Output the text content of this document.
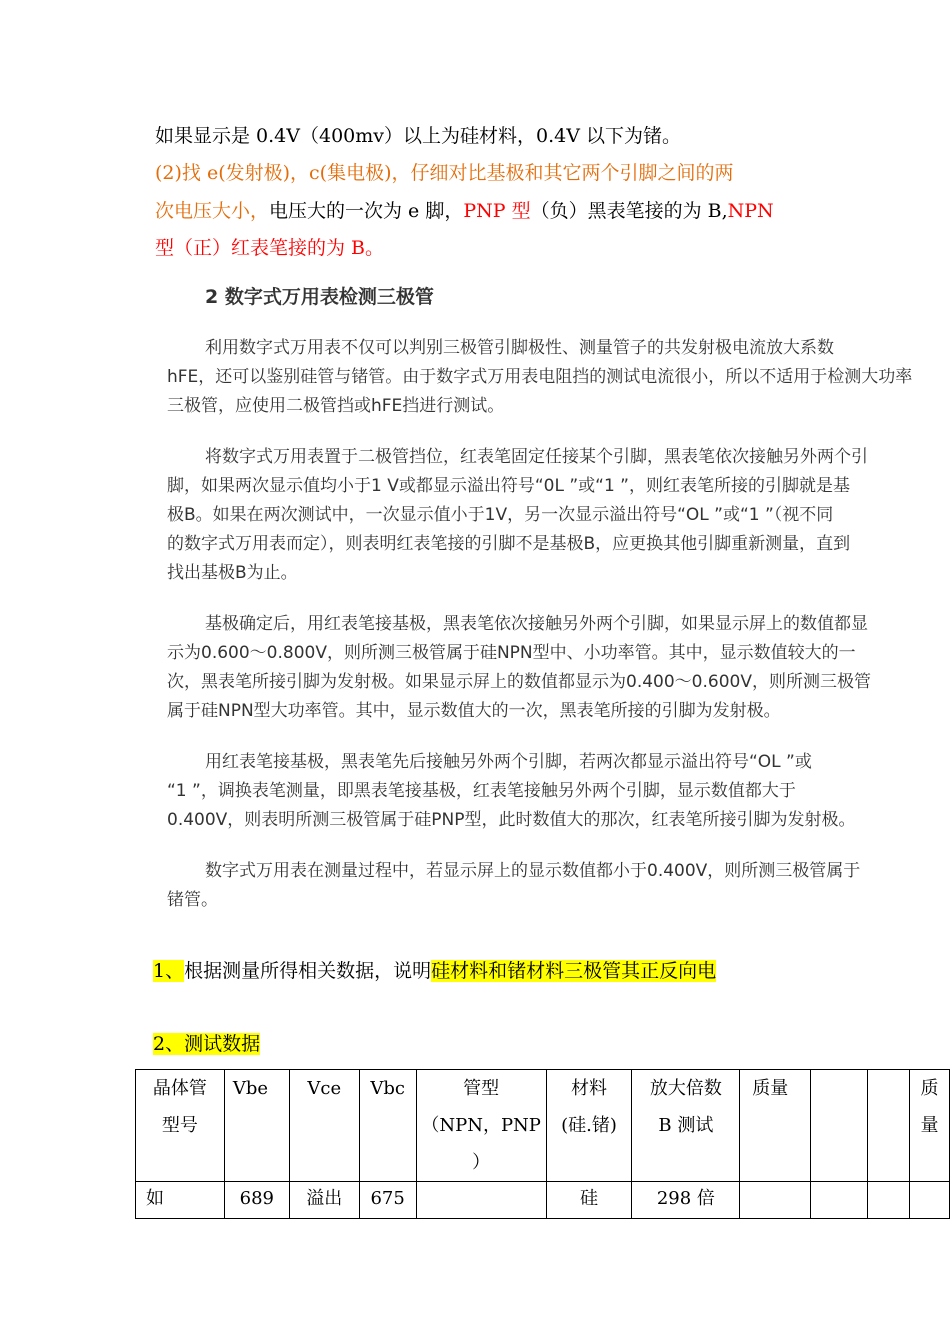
如果显示是 0.4V（400mv）以上为硅材料，0.4V 以下为锗。
(2)找 e(发射极)，c(集电极)，仔细对比基极和其它两个引脚之间的两
次电压大小，电压大的一次为 e 脚，PNP 型（负）黑表笔接的为 B,NPN
型（正）红表笔接的为 B。
2 数字式万用表检测三极管
利用数字式万用表不仅可以判别三极管引脚极性、测量管子的共发射极电流放大系数
hFE，还可以鉴别硅管与锗管。由于数字式万用表电阻挡的测试电流很小，所以不适用于检测大功率
三极管，应使用二极管挡或hFE挡进行测试。
将数字式万用表置于二极管挡位，红表笔固定任接某个引脚，黑表笔依次接触另外两个引
脚，如果两次显示值均小于1 V或都显示溢出符号“0L ”或“1 ”，则红表笔所接的引脚就是基
极B。如果在两次测试中，一次显示值小于1V，另一次显示溢出符号“OL ”或“1 ”（视不同
的数字式万用表而定），则表明红表笔接的引脚不是基极B，应更换其他引脚重新测量，直到
找出基极B为止。
基极确定后，用红表笔接基极，黑表笔依次接触另外两个引脚，如果显示屏上的数值都显
示为0.600～0.800V，则所测三极管属于硅NPN型中、小功率管。其中，显示数值较大的一
次，黑表笔所接引脚为发射极。如果显示屏上的数值都显示为0.400～0.600V，则所测三极管
属于硅NPN型大功率管。其中，显示数值大的一次，黑表笔所接的引脚为发射极。
用红表笔接基极，黑表笔先后接触另外两个引脚，若两次都显示溢出符号“OL ”或
“1 ”，调换表笔测量，即黑表笔接基极，红表笔接触另外两个引脚，显示数值都大于
0.400V，则表明所测三极管属于硅PNP型，此时数值大的那次，红表笔所接引脚为发射极。
数字式万用表在测量过程中，若显示屏上的显示数值都小于0.400V，则所测三极管属于
锗管。
1、根据测量所得相关数据，说明硅材料和锗材料三极管其正反向电
2、测试数据
晶体管
型号	Vbe	Vce	Vbc	管型
（NPN，PNP
）	材料
(硅.锗)	放大倍数
B 测试	质量			质
量

如	689	溢出	675		硅	298 倍				
